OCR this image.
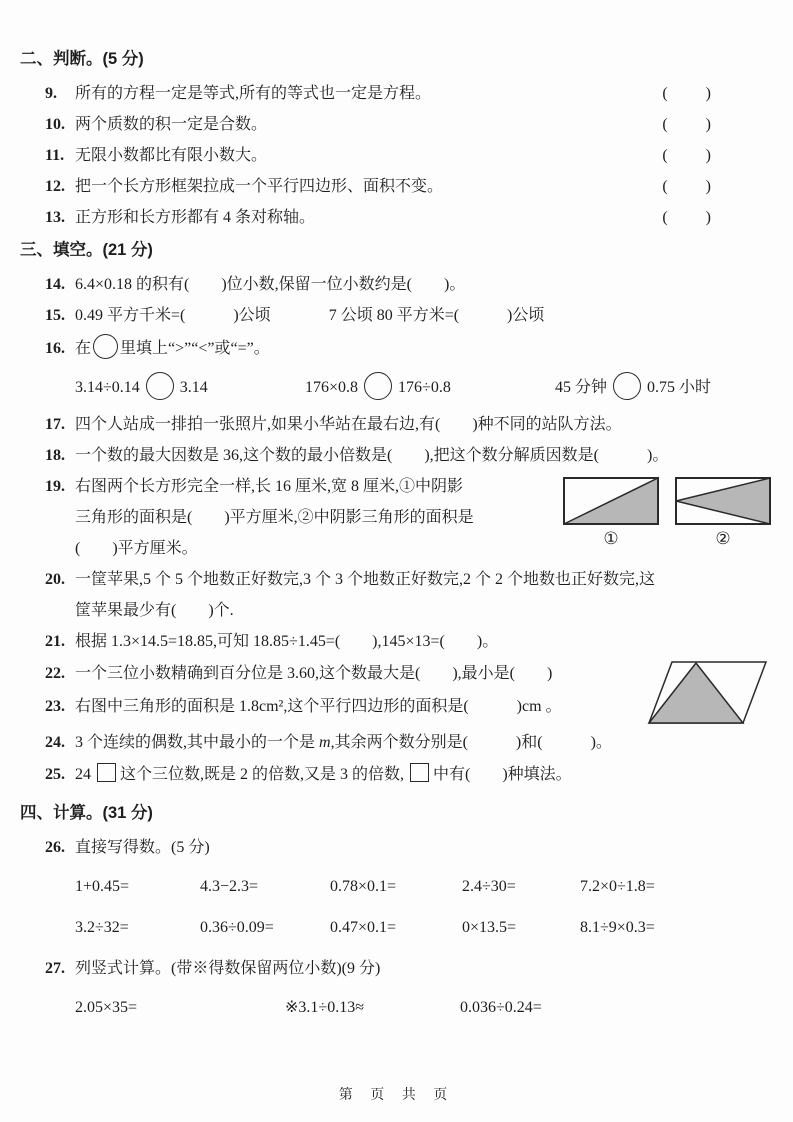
二、判断。(5 分)
9.	所有的方程一定是等式,所有的等式也一定是方程。	(　　)
10. 两个质数的积一定是合数。	(　　)
11. 无限小数都比有限小数大。	(　　)
12. 把一个长方形框架拉成一个平行四边形、面积不变。	(　　)
13. 正方形和长方形都有 4 条对称轴。	(　　)
三、填空。(21 分)
14. 6.4×0.18 的积有(　　)位小数,保留一位小数约是(　　)。
15. 0.49 平方千米=(　　　)公顷	7 公顷 80 平方米=(　　　)公顷
16. 在 里填上“>”“<”或“=”。
3.14÷0.14	3.14	176×0.8	176÷0.8	45 分钟	0.75 小时
17. 四个人站成一排拍一张照片,如果小华站在最右边,有(　　)种不同的站队方法。
18. 一个数的最大因数是 36,这个数的最小倍数是(　　),把这个数分解质因数是(　　　)。
19. 右图两个长方形完全一样,长 16 厘米,宽 8 厘米,①中阴影
三角形的面积是(　　)平方厘米,②中阴影三角形的面积是
(　　)平方厘米。
①	②
20. 一筐苹果,5 个 5 个地数正好数完,3 个 3 个地数正好数完,2 个 2 个地数也正好数完,这
筐苹果最少有(　　)个.
21. 根据 1.3×14.5=18.85,可知 18.85÷1.45=(　　),145×13=(　　)。
22. 一个三位小数精确到百分位是 3.60,这个数最大是(　　),最小是(　　)
23. 右图中三角形的面积是 1.8cm²,这个平行四边形的面积是(　　　)cm 。
24. 3 个连续的偶数,其中最小的一个是 m,其余两个数分别是(　　　)和(　　　)。
25. 24 这个三位数,既是 2 的倍数,又是 3 的倍数, 中有(　　)种填法。
四、计算。(31 分)
26. 直接写得数。(5 分)
1+0.45=	4.3−2.3=	0.78×0.1=	2.4÷30=	7.2×0÷1.8=
3.2÷32=	0.36÷0.09=	0.47×0.1=	0×13.5=	8.1÷9×0.3=
27. 列竖式计算。(带※得数保留两位小数)(9 分)
2.05×35=	※3.1÷0.13≈	0.036÷0.24=
第 页 共 页
